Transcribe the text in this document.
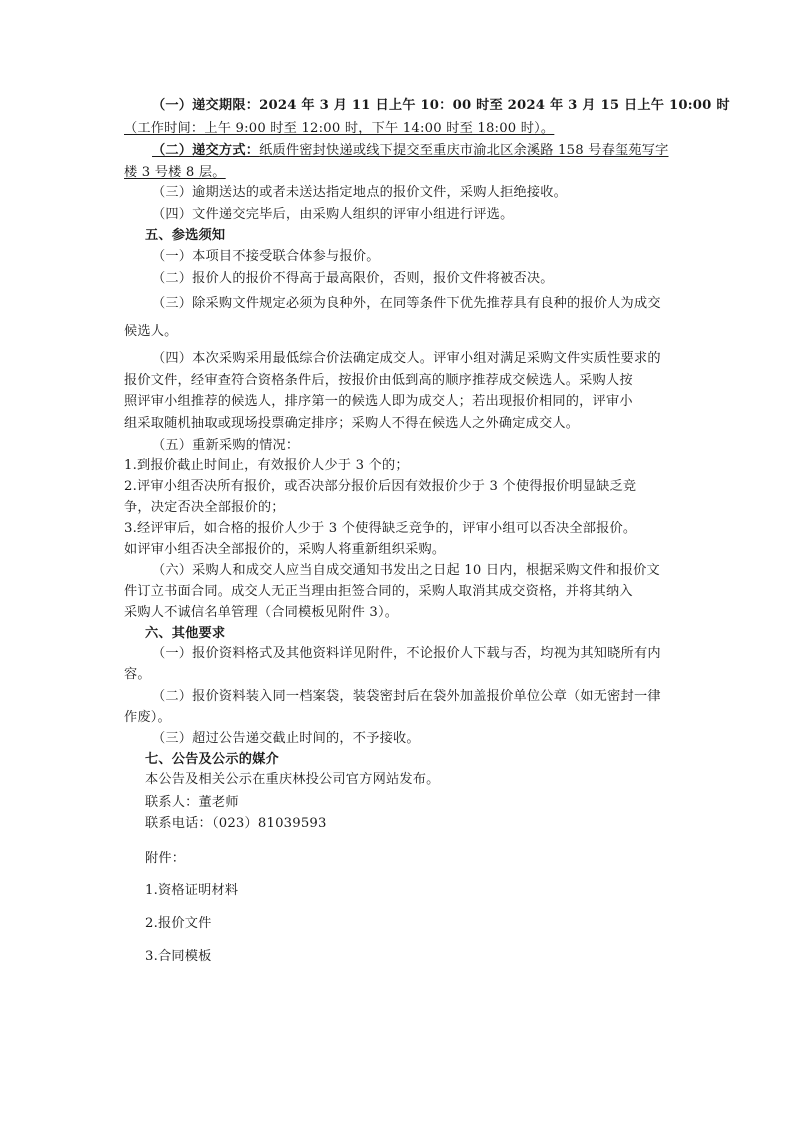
（一）递交期限：2024 年 3 月 11 日上午 10：00 时至 2024 年 3 月 15 日上午 10:00 时
（工作时间：上午 9:00 时至 12:00 时，下午 14:00 时至 18:00 时）。
（二）递交方式：纸质件密封快递或线下提交至重庆市渝北区余溪路 158 号春玺苑写字
楼 3 号楼 8 层。
（三）逾期送达的或者未送达指定地点的报价文件，采购人拒绝接收。
（四）文件递交完毕后，由采购人组织的评审小组进行评选。
五、参选须知
（一）本项目不接受联合体参与报价。
（二）报价人的报价不得高于最高限价，否则，报价文件将被否决。
（三）除采购文件规定必须为良种外，在同等条件下优先推荐具有良种的报价人为成交
候选人。
（四）本次采购采用最低综合价法确定成交人。评审小组对满足采购文件实质性要求的
报价文件，经审查符合资格条件后，按报价由低到高的顺序推荐成交候选人。采购人按
照评审小组推荐的候选人，排序第一的候选人即为成交人；若出现报价相同的，评审小
组采取随机抽取或现场投票确定排序；采购人不得在候选人之外确定成交人。
（五）重新采购的情况：
1.到报价截止时间止，有效报价人少于 3 个的；
2.评审小组否决所有报价，或否决部分报价后因有效报价少于 3 个使得报价明显缺乏竞
争，决定否决全部报价的；
3.经评审后，如合格的报价人少于 3 个使得缺乏竞争的，评审小组可以否决全部报价。
如评审小组否决全部报价的，采购人将重新组织采购。
（六）采购人和成交人应当自成交通知书发出之日起 10 日内，根据采购文件和报价文
件订立书面合同。成交人无正当理由拒签合同的，采购人取消其成交资格，并将其纳入
采购人不诚信名单管理（合同模板见附件 3）。
六、其他要求
（一）报价资料格式及其他资料详见附件，不论报价人下载与否，均视为其知晓所有内
容。
（二）报价资料装入同一档案袋，装袋密封后在袋外加盖报价单位公章（如无密封一律
作废）。
（三）超过公告递交截止时间的，不予接收。
七、公告及公示的媒介
本公告及相关公示在重庆林投公司官方网站发布。
联系人：董老师
联系电话：（023）81039593
附件：
1.资格证明材料
2.报价文件
3.合同模板
